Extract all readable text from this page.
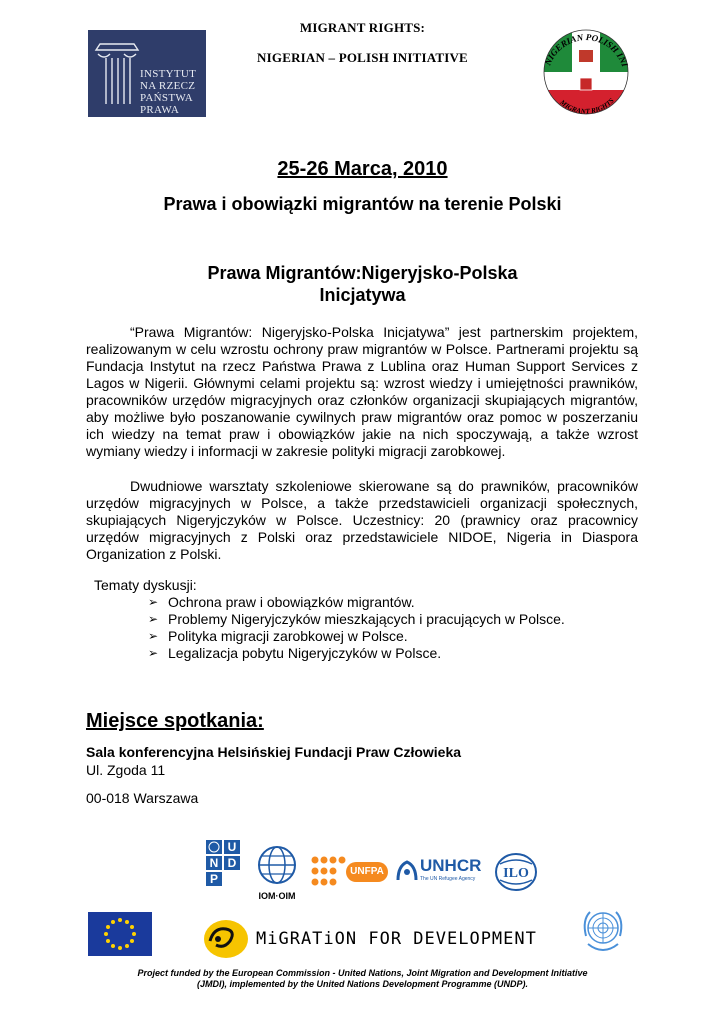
MIGRANT RIGHTS:
NIGERIAN – POLISH INITIATIVE
INSTYTUT
NA RZECZ
PAŃSTWA
PRAWA
NIGERIAN POLISH INI
MIGRANT RIGHTS
25-26 Marca, 2010
Prawa i obowiązki migrantów na terenie Polski
Prawa Migrantów:Nigeryjsko-Polska
Inicjatywa
“Prawa Migrantów: Nigeryjsko-Polska Inicjatywa” jest partnerskim projektem, realizowanym w celu wzrostu ochrony praw migrantów w Polsce. Partnerami projektu są Fundacja Instytut na rzecz Państwa Prawa z Lublina oraz Human Support Services z Lagos w Nigerii. Głównymi celami projektu są: wzrost wiedzy i umiejętności prawników, pracowników urzędów migracyjnych oraz członków organizacji skupiających migrantów, aby możliwe było poszanowanie cywilnych praw migrantów oraz pomoc w poszerzaniu ich wiedzy na temat praw i obowiązków jakie na nich spoczywają, a także wzrost wymiany wiedzy i informacji w zakresie polityki migracji zarobkowej.
Dwudniowe warsztaty szkoleniowe skierowane są do prawników, pracowników urzędów migracyjnych w Polsce, a także przedstawicieli organizacji społecznych, skupiających Nigeryjczyków w Polsce. Uczestnicy: 20 (prawnicy oraz pracownicy urzędów migracyjnych z Polski oraz przedstawiciele NIDOE, Nigeria in Diaspora Organization z Polski.
Tematy dyskusji:
➢ Ochrona praw i obowiązków migrantów.
➢ Problemy Nigeryjczyków mieszkających i pracujących w Polsce.
➢ Polityka migracji zarobkowej w Polsce.
➢ Legalizacja pobytu Nigeryjczyków w Polsce.
Miejsce spotkania:
Sala konferencyjna Helsińskiej Fundacji Praw Człowieka
Ul. Zgoda 11
00-018 Warszawa
U
N D
P
IOM·OIM
UNFPA UNHCR
The UN Refugee Agency ILO
MiGRATiON FOR DEVELOPMENT
Project funded by the European Commission - United Nations, Joint Migration and Development Initiative
(JMDI), implemented by the United Nations Development Programme (UNDP).
